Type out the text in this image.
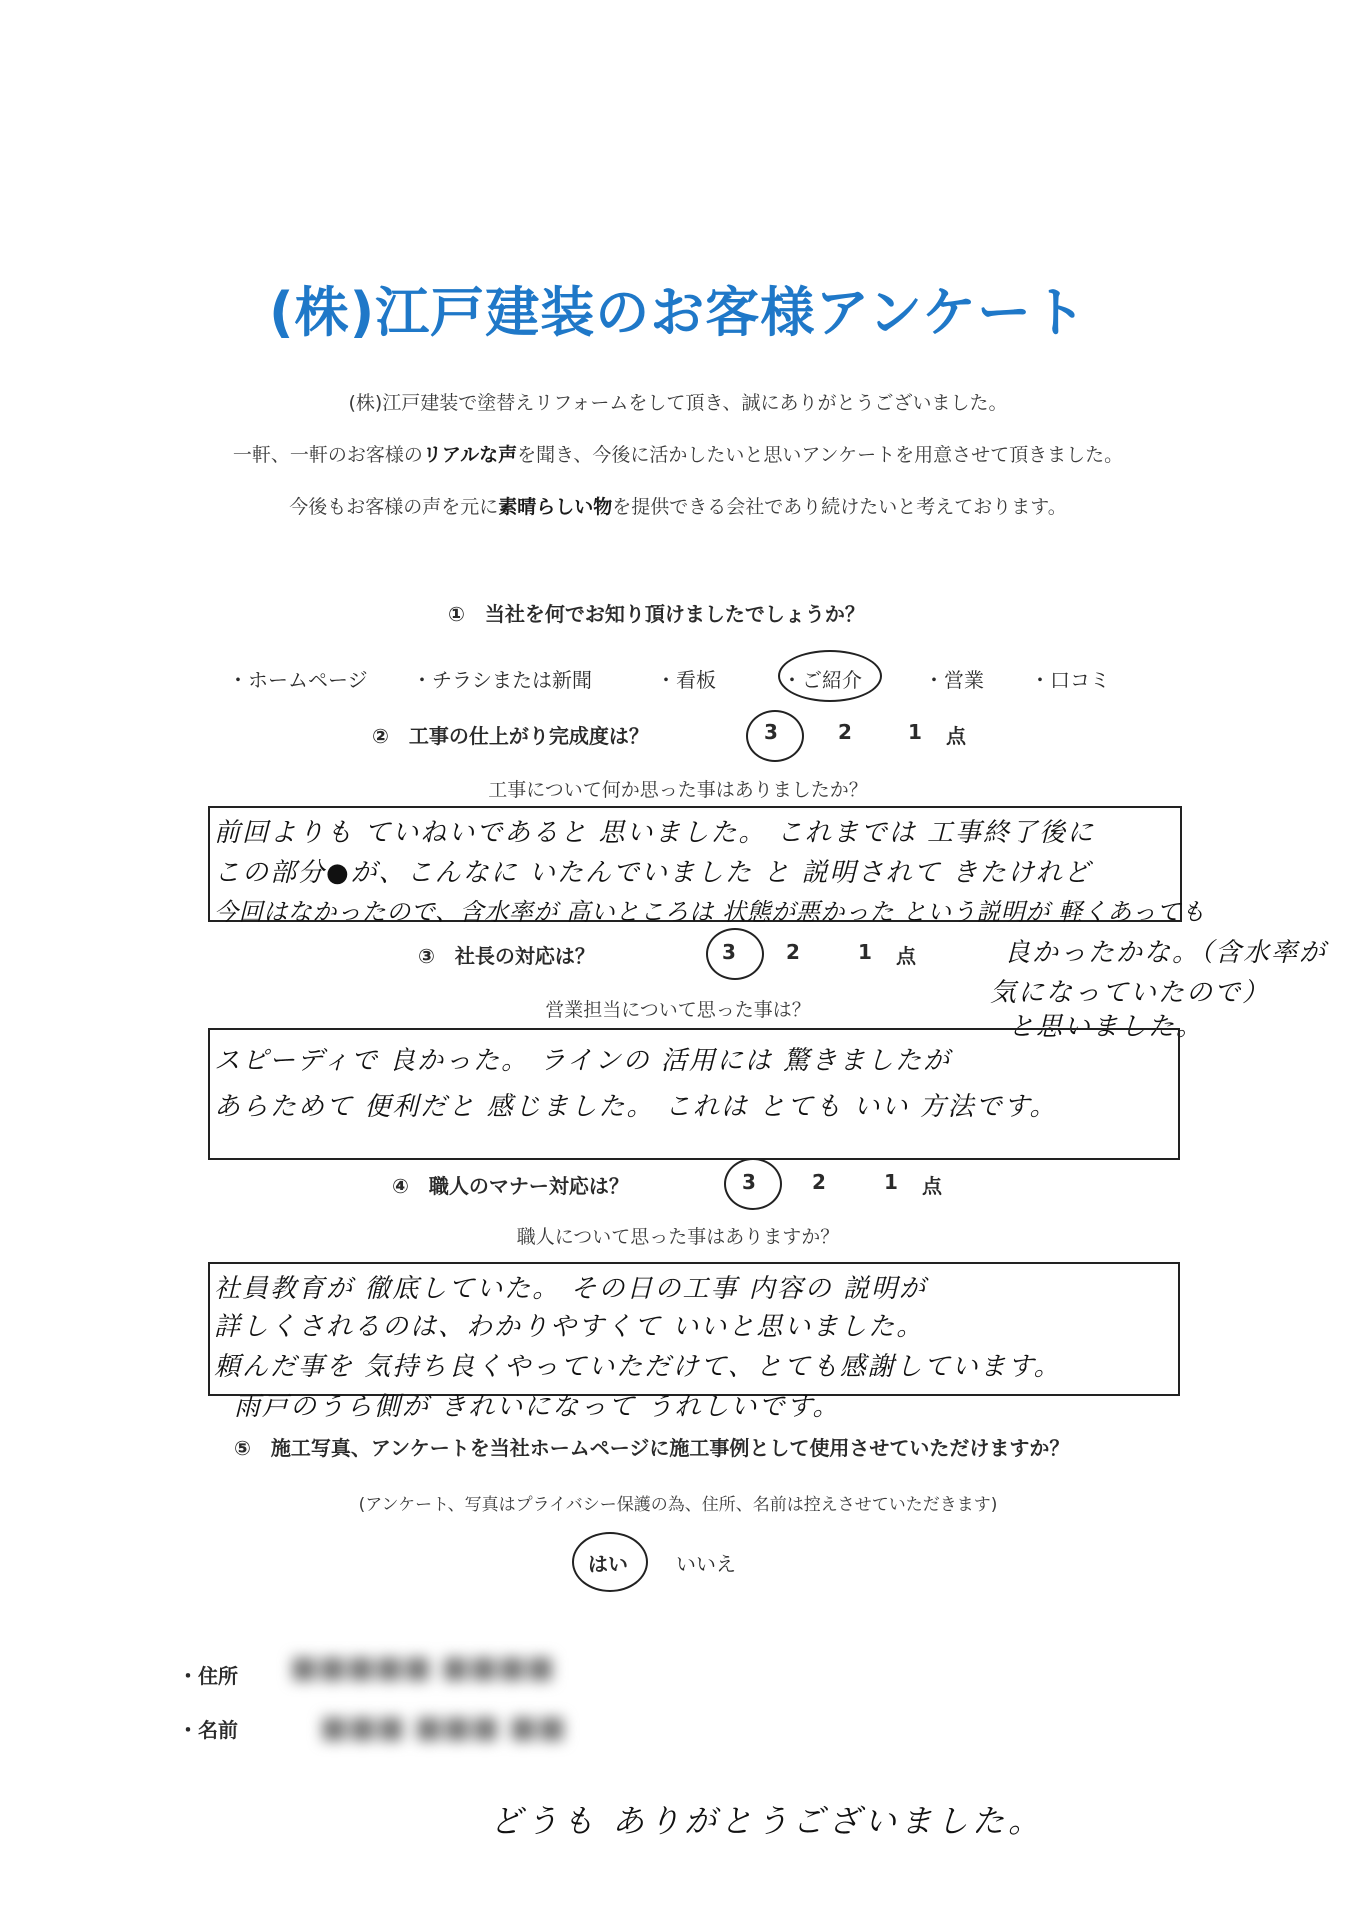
(株)江戸建装のお客様アンケート
(株)江戸建装で塗替えリフォームをして頂き、誠にありがとうございました。
一軒、一軒のお客様のリアルな声を聞き、今後に活かしたいと思いアンケートを用意させて頂きました。
今後もお客様の声を元に素晴らしい物を提供できる会社であり続けたいと考えております。
①　当社を何でお知り頂けましたでしょうか？
・ホームページ ・チラシまたは新聞	・看板	・ご紹介	・営業 ・口コミ
②　工事の仕上がり完成度は？	3	2	1 点
工事について何か思った事はありましたか？
前回よりも ていねいであると 思いました。 これまでは 工事終了後に
この部分●が、こんなに いたんでいました と 説明されて きたけれど
今回はなかったので、含水率が 高いところは 状態が悪かった という説明が 軽くあっても
良かったかな。（含水率が
気になっていたので）
と思いました。
③　社長の対応は？	3	2	1 点
営業担当について思った事は？
スピーディで 良かった。 ラインの 活用には 驚きましたが
あらためて 便利だと 感じました。 これは とても いい 方法です。
④　職人のマナー対応は？	3	2	1 点
職人について思った事はありますか？
社員教育が 徹底していた。 その日の工事 内容の 説明が
詳しくされるのは、わかりやすくて いいと思いました。
頼んだ事を 気持ち良くやっていただけて、とても感謝しています。
雨戸のうら側が きれいになって うれしいです。
⑤　施工写真、アンケートを当社ホームページに施工事例として使用させていただけますか？
(アンケート、写真はプライバシー保護の為、住所、名前は控えさせていただきます)
はい いいえ
・住所 ■■■■■ ■■■■
・名前	■■■ ■■■ ■■
どうも ありがとうございました。
